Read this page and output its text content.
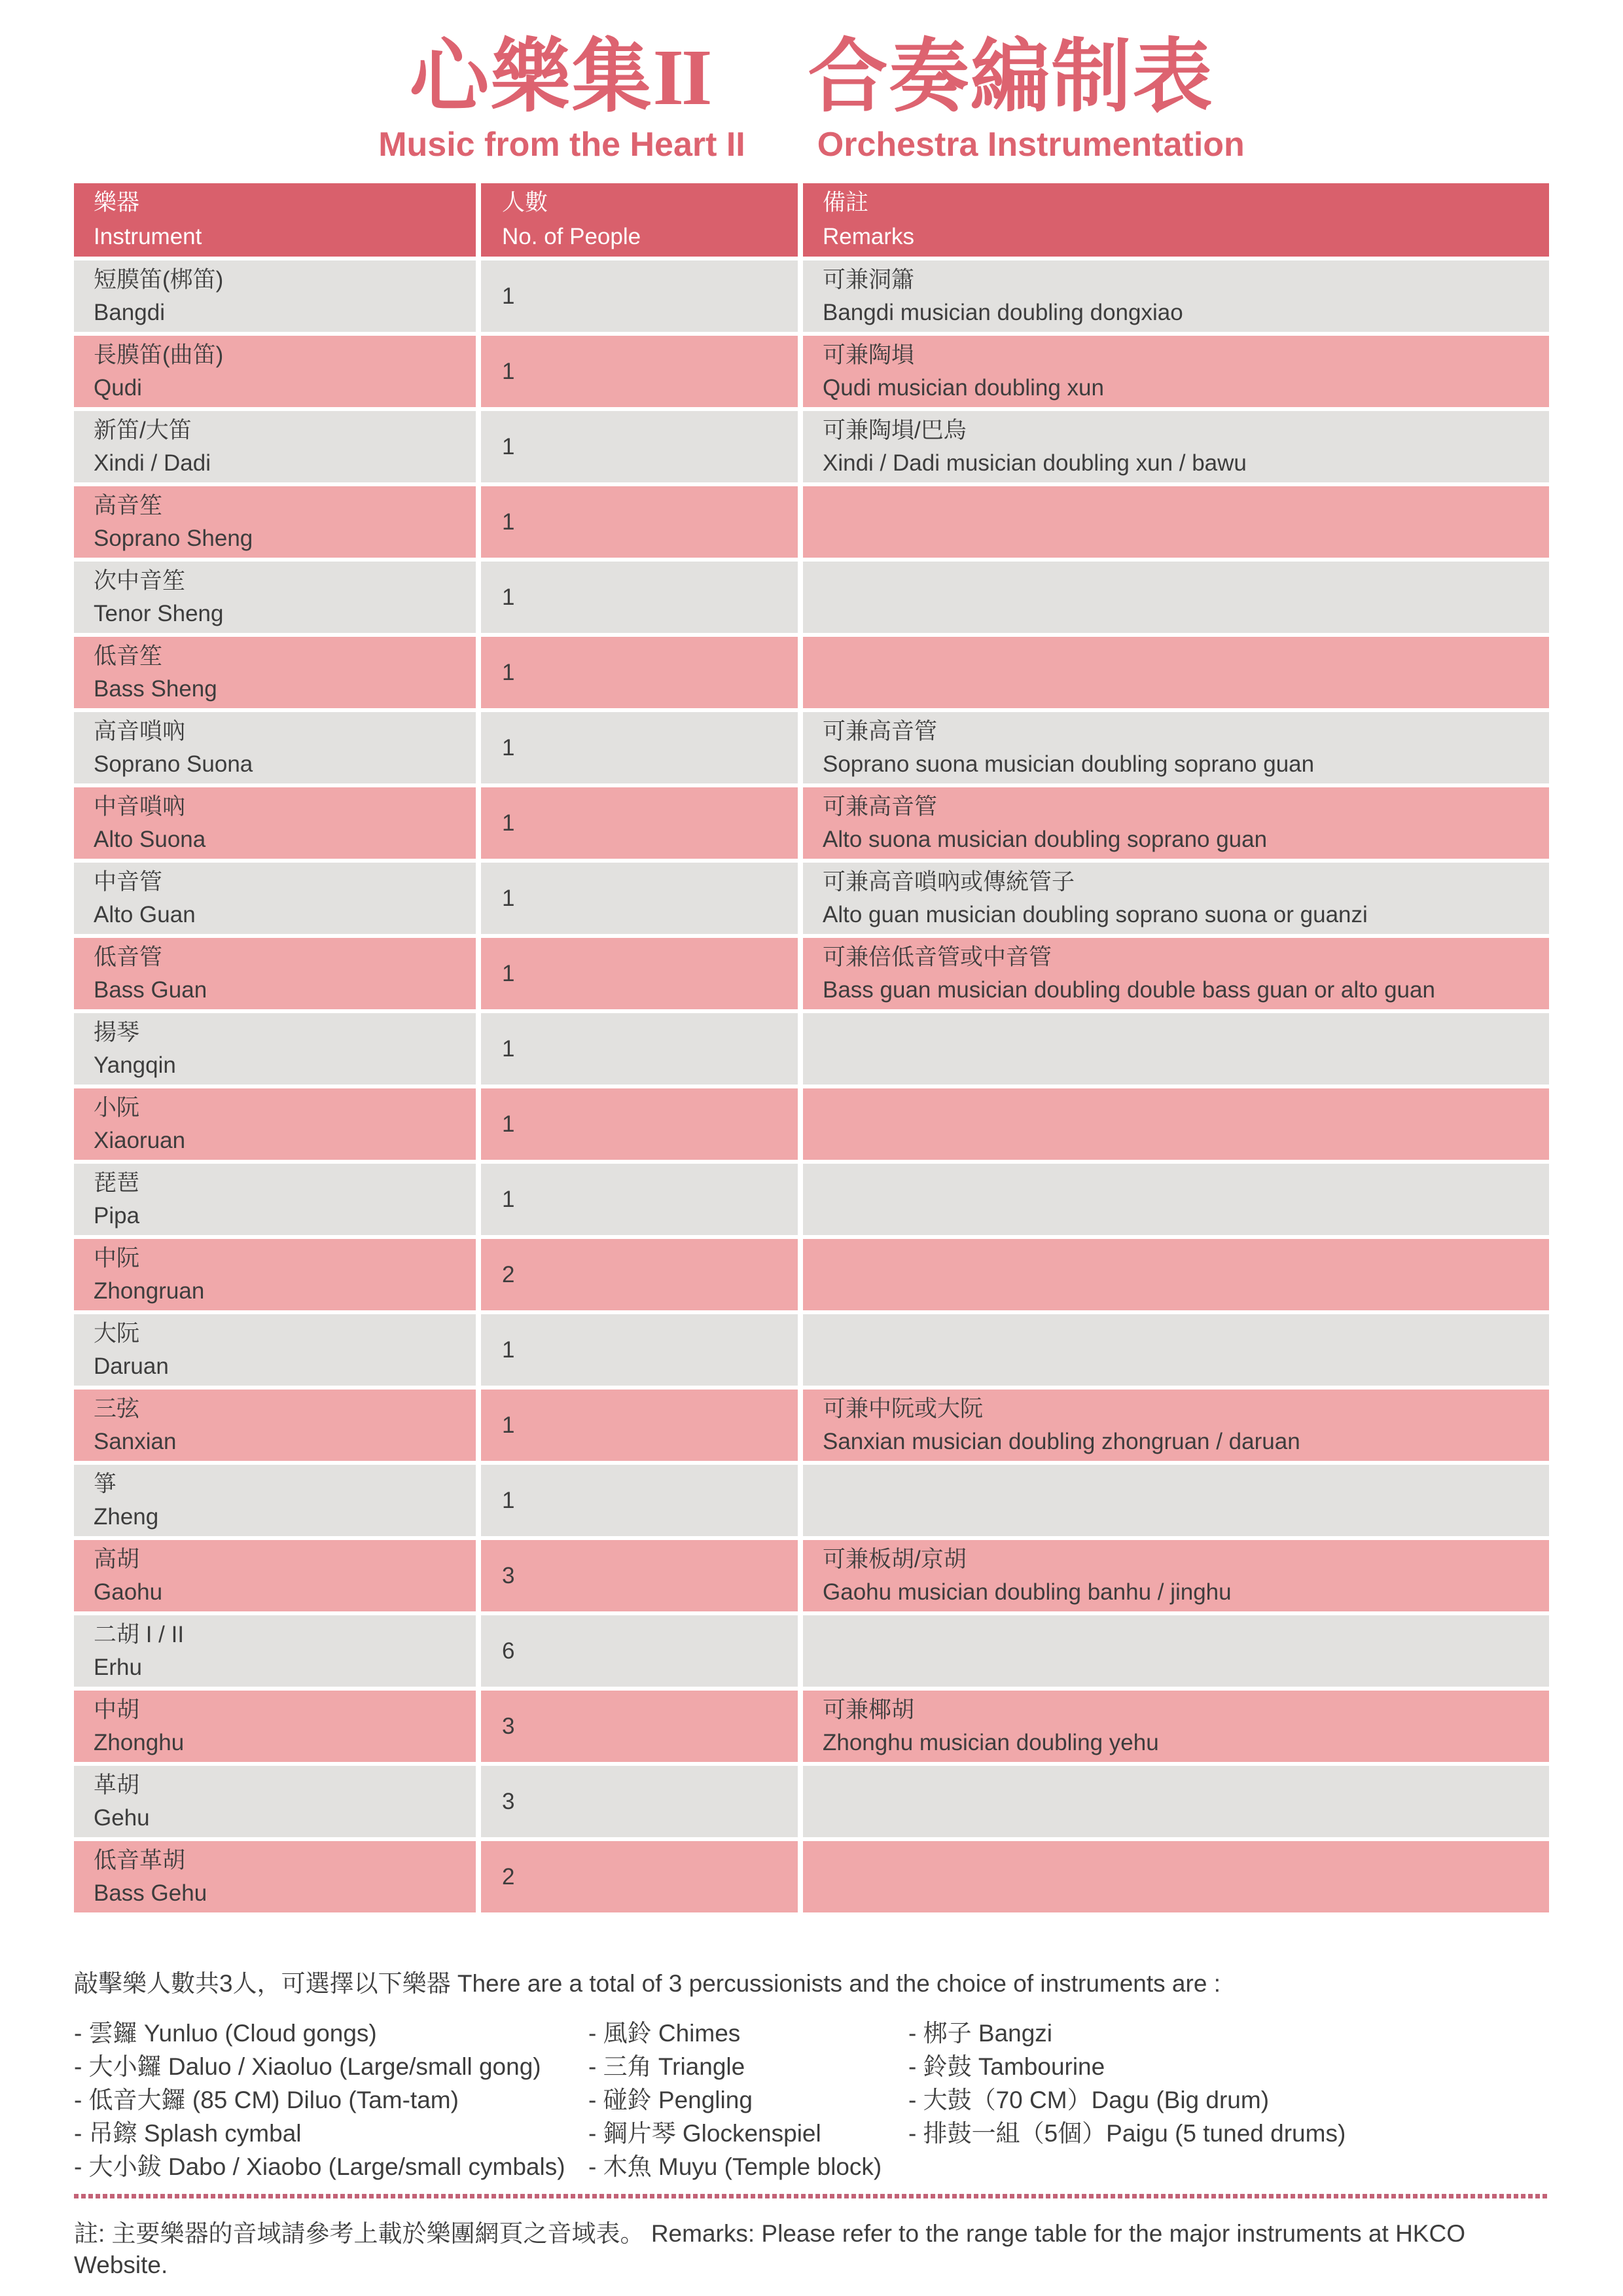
心樂集II 合奏編制表
Music from the Heart II Orchestra Instrumentation
樂器
Instrument
人數
No. of People
備註
Remarks
短膜笛(梆笛)
Bangdi
1
可兼洞簫
Bangdi musician doubling dongxiao
長膜笛(曲笛)
Qudi
1
可兼陶塤
Qudi musician doubling xun
新笛/大笛
Xindi / Dadi
1
可兼陶塤/巴烏
Xindi / Dadi musician doubling xun / bawu
高音笙
Soprano Sheng
1
次中音笙
Tenor Sheng
1
低音笙
Bass Sheng
1
高音嗩吶
Soprano Suona
1
可兼高音管
Soprano suona musician doubling soprano guan
中音嗩吶
Alto Suona
1
可兼高音管
Alto suona musician doubling soprano guan
中音管
Alto Guan
1
可兼高音嗩吶或傳統管子
Alto guan musician doubling soprano suona or guanzi
低音管
Bass Guan
1
可兼倍低音管或中音管
Bass guan musician doubling double bass guan or alto guan
揚琴
Yangqin
1
小阮
Xiaoruan
1
琵琶
Pipa
1
中阮
Zhongruan
2
大阮
Daruan
1
三弦
Sanxian
1
可兼中阮或大阮
Sanxian musician doubling zhongruan / daruan
箏
Zheng
1
高胡
Gaohu
3
可兼板胡/京胡
Gaohu musician doubling banhu / jinghu
二胡 I / II
Erhu
6
中胡
Zhonghu
3
可兼椰胡
Zhonghu musician doubling yehu
革胡
Gehu
3
低音革胡
Bass Gehu
2

敲擊樂人數共3人，可選擇以下樂器 There are a total of 3 percussionists and the choice of instruments are :

- 雲鑼 Yunluo (Cloud gongs)
- 大小鑼 Daluo / Xiaoluo (Large/small gong)
- 低音大鑼 (85 CM) Diluo (Tam-tam)
- 吊鑔 Splash cymbal
- 大小鈸 Dabo / Xiaobo (Large/small cymbals)
- 風鈴 Chimes
- 三角 Triangle
- 碰鈴 Pengling
- 鋼片琴 Glockenspiel
- 木魚 Muyu (Temple block)
- 梆子 Bangzi
- 鈴鼓 Tambourine
- 大鼓（70 CM）Dagu (Big drum)
- 排鼓一組（5個）Paigu (5 tuned drums)

註: 主要樂器的音域請參考上載於樂團網頁之音域表。 Remarks: Please refer to the range table for the major instruments at HKCO Website.
